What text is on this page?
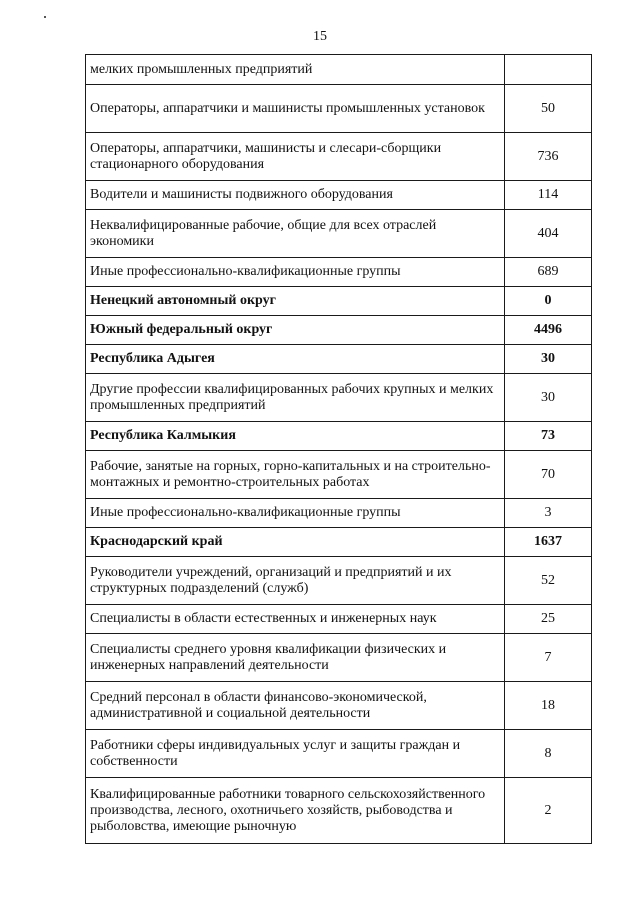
15
мелких промышленных предприятий	
Операторы, аппаратчики и машинисты промышленных установок	50
Операторы, аппаратчики, машинисты и слесари-сборщики стационарного оборудования	736
Водители и машинисты подвижного оборудования	114
Неквалифицированные рабочие, общие для всех отраслей экономики	404
Иные профессионально-квалификационные группы	689
Ненецкий автономный округ	0
Южный федеральный округ	4496
Республика Адыгея	30
Другие профессии квалифицированных рабочих крупных и мелких промышленных предприятий	30
Республика Калмыкия	73
Рабочие, занятые на горных, горно-капитальных и на строительно-монтажных и ремонтно-строительных работах	70
Иные профессионально-квалификационные группы	3
Краснодарский край	1637
Руководители учреждений, организаций и предприятий и их структурных подразделений (служб)	52
Специалисты в области естественных и инженерных наук	25
Специалисты среднего уровня квалификации физических и инженерных направлений деятельности	7
Средний персонал в области финансово-экономической, административной и социальной деятельности	18
Работники сферы индивидуальных услуг и защиты граждан и собственности	8
Квалифицированные работники товарного сельскохозяйственного производства, лесного, охотничьего хозяйств, рыбоводства и рыболовства, имеющие рыночную	2
